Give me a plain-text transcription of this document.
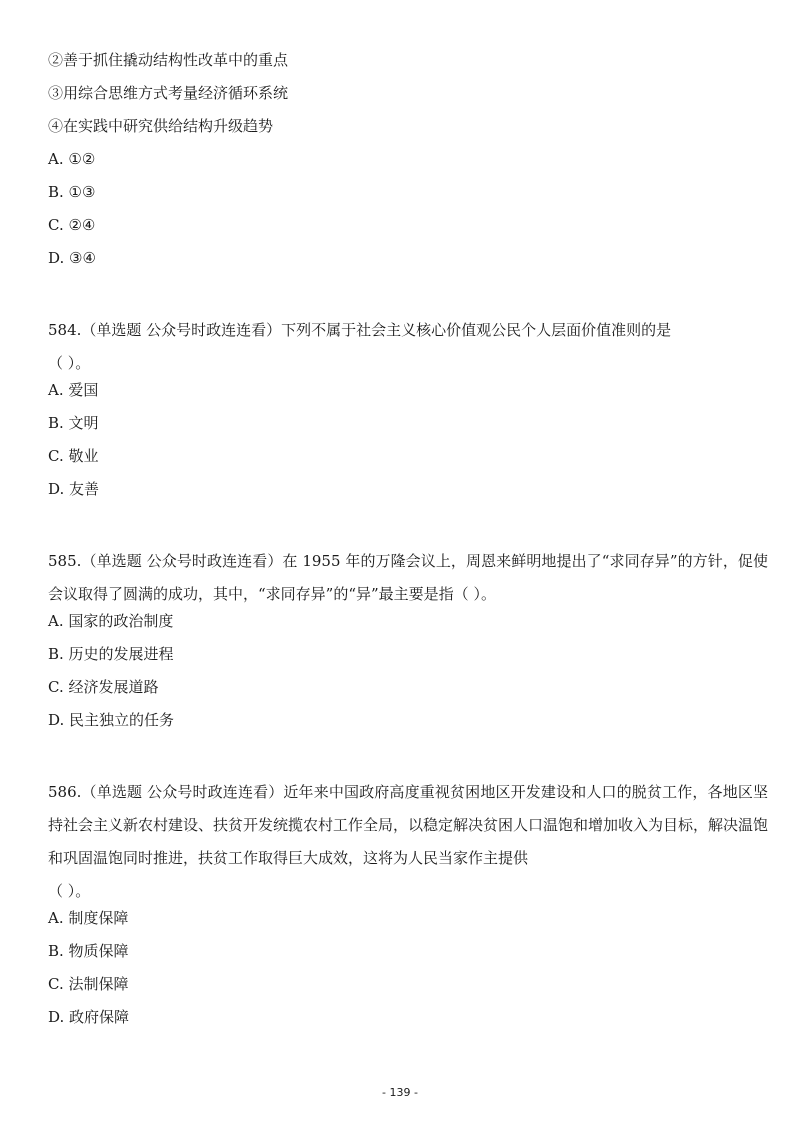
②善于抓住撬动结构性改革中的重点

③用综合思维方式考量经济循环系统

④在实践中研究供给结构升级趋势

A. ①②

B. ①③

C. ②④

D. ③④

584.（单选题 公众号时政连连看）下列不属于社会主义核心价值观公民个人层面价值准则的是

（ ）。

A. 爱国

B. 文明

C. 敬业

D. 友善

585.（单选题 公众号时政连连看）在 1955 年的万隆会议上，周恩来鲜明地提出了“求同存异”的方针，促使会议取得了圆满的成功，其中，“求同存异”的“异”最主要是指（ ）。

A. 国家的政治制度

B. 历史的发展进程

C. 经济发展道路

D. 民主独立的任务

586.（单选题 公众号时政连连看）近年来中国政府高度重视贫困地区开发建设和人口的脱贫工作，各地区坚持社会主义新农村建设、扶贫开发统揽农村工作全局，以稳定解决贫困人口温饱和增加收入为目标，解决温饱和巩固温饱同时推进，扶贫工作取得巨大成效，这将为人民当家作主提供

（ ）。

A. 制度保障

B. 物质保障

C. 法制保障

D. 政府保障

- 139 -
